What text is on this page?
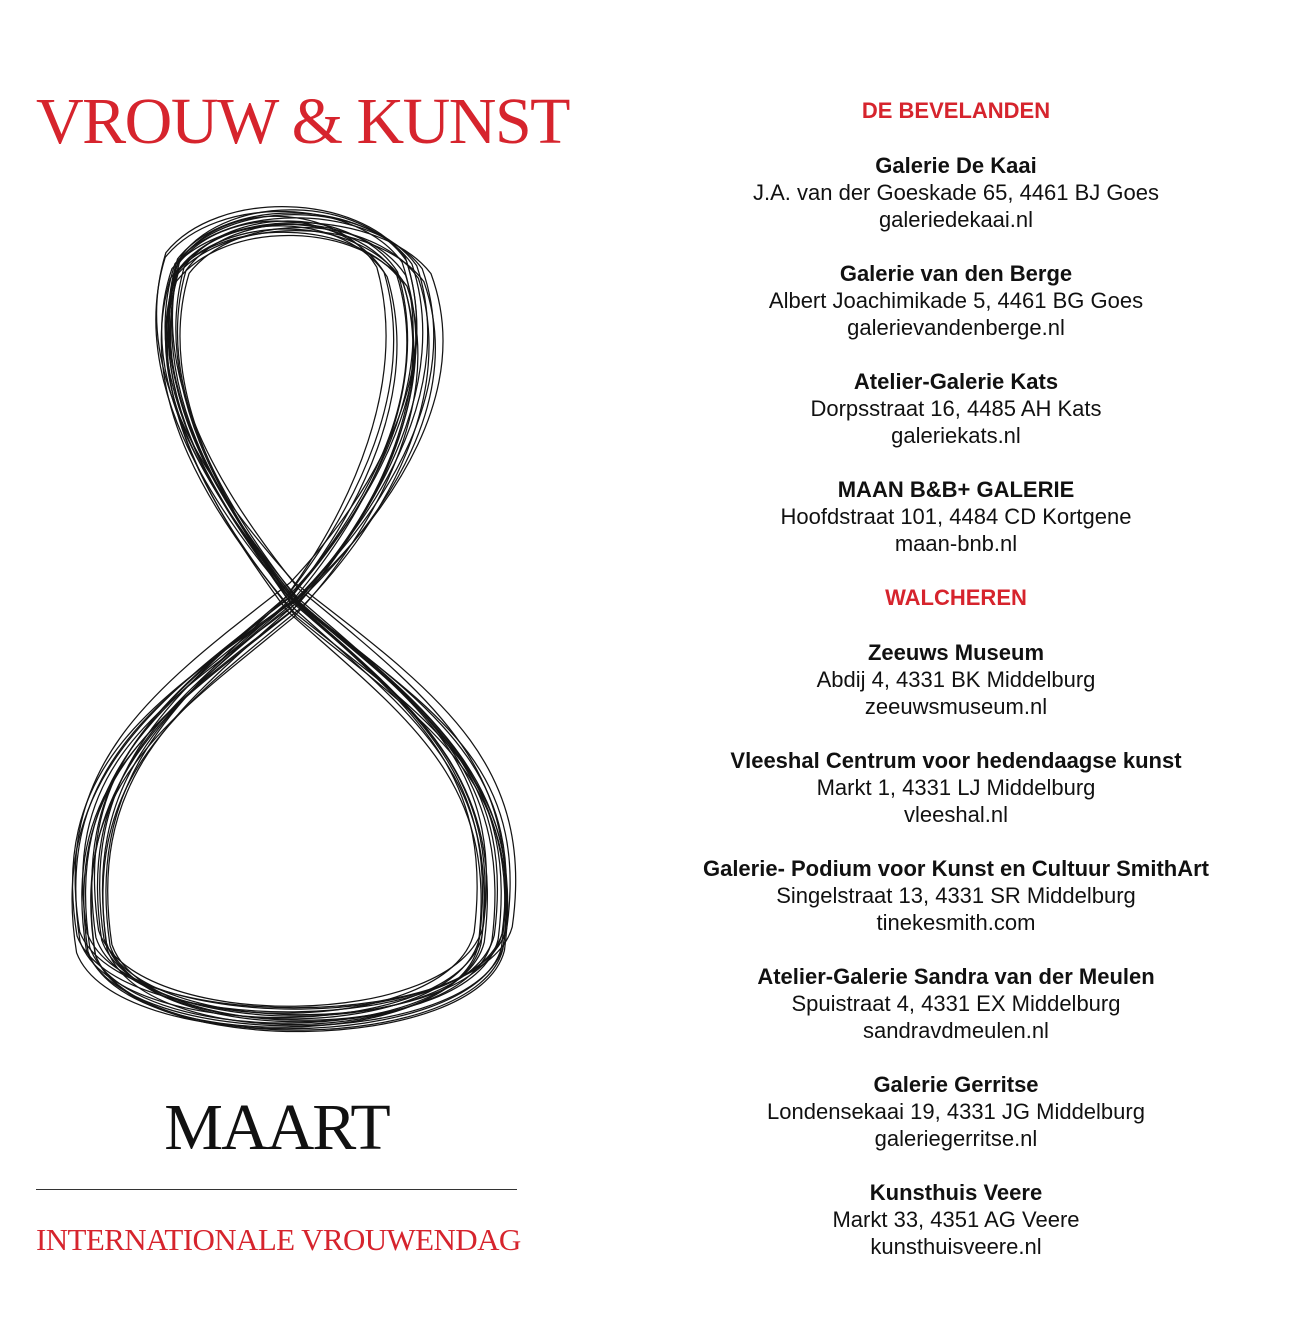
VROUW & KUNST
MAART
INTERNATIONALE VROUWENDAG
DE BEVELANDEN
Galerie De Kaai
J.A. van der Goeskade 65, 4461 BJ Goes
galeriedekaai.nl
Galerie van den Berge
Albert Joachimikade 5, 4461 BG Goes
galerievandenberge.nl
Atelier-Galerie Kats
Dorpsstraat 16, 4485 AH Kats
galeriekats.nl
MAAN B&B+ GALERIE
Hoofdstraat 101, 4484 CD Kortgene
maan-bnb.nl
WALCHEREN
Zeeuws Museum
Abdij 4, 4331 BK Middelburg
zeeuwsmuseum.nl
Vleeshal Centrum voor hedendaagse kunst
Markt 1, 4331 LJ Middelburg
vleeshal.nl
Galerie- Podium voor Kunst en Cultuur SmithArt
Singelstraat 13, 4331 SR Middelburg
tinekesmith.com
Atelier-Galerie Sandra van der Meulen
Spuistraat 4, 4331 EX Middelburg
sandravdmeulen.nl
Galerie Gerritse
Londensekaai 19, 4331 JG Middelburg
galeriegerritse.nl
Kunsthuis Veere
Markt 33, 4351 AG Veere
kunsthuisveere.nl
